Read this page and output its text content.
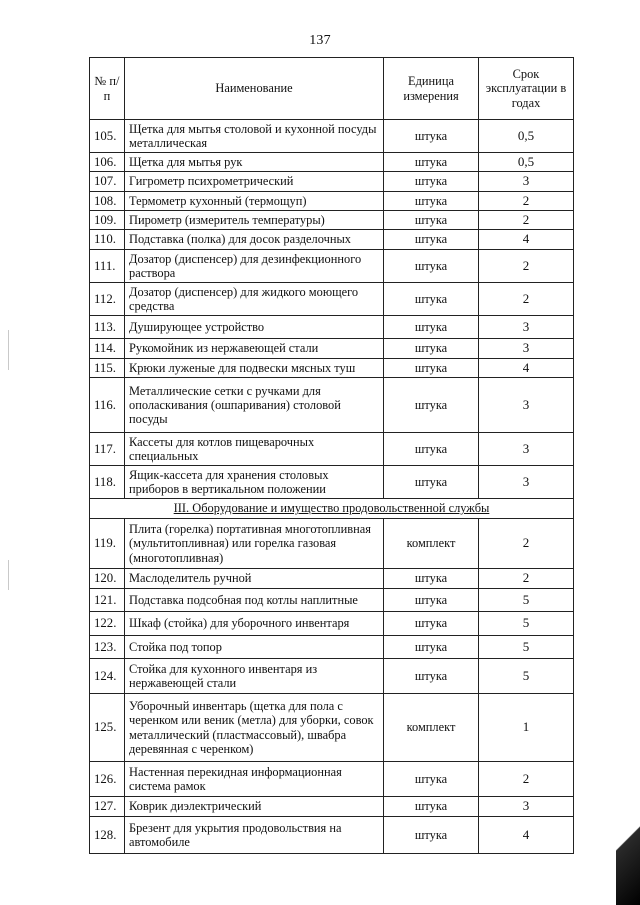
137
№ п/п	Наименование	Единица измерения	Срок эксплуатации в годах
105.	Щетка для мытья столовой и кухонной посуды металлическая	штука	0,5
106.	Щетка для мытья рук	штука	0,5
107.	Гигрометр психрометрический	штука	3
108.	Термометр кухонный (термощуп)	штука	2
109.	Пирометр (измеритель температуры)	штука	2
110.	Подставка (полка) для досок разделочных	штука	4
111.	Дозатор (диспенсер) для дезинфекционного раствора	штука	2
112.	Дозатор (диспенсер) для жидкого моющего средства	штука	2
113.	Душирующее устройство	штука	3
114.	Рукомойник из нержавеющей стали	штука	3
115.	Крюки луженые для подвески мясных туш	штука	4
116.	Металлические сетки с ручками для ополаскивания (ошпаривания) столовой посуды	штука	3
117.	Кассеты для котлов пищеварочных специальных	штука	3
118.	Ящик-кассета для хранения столовых приборов в вертикальном положении	штука	3
III. Оборудование и имущество продовольственной службы			
119.	Плита (горелка) портативная многотопливная (мультитопливная) или горелка газовая (многотопливная)	комплект	2
120.	Маслоделитель ручной	штука	2
121.	Подставка подсобная под котлы наплитные	штука	5
122.	Шкаф (стойка) для уборочного инвентаря	штука	5
123.	Стойка под топор	штука	5
124.	Стойка для кухонного инвентаря из нержавеющей стали	штука	5
125.	Уборочный инвентарь (щетка для пола с черенком или веник (метла) для уборки, совок металлический (пластмассовый), швабра деревянная с черенком)	комплект	1
126.	Настенная перекидная информационная система рамок	штука	2
127.	Коврик диэлектрический	штука	3
128.	Брезент для укрытия продовольствия на автомобиле	штука	4
